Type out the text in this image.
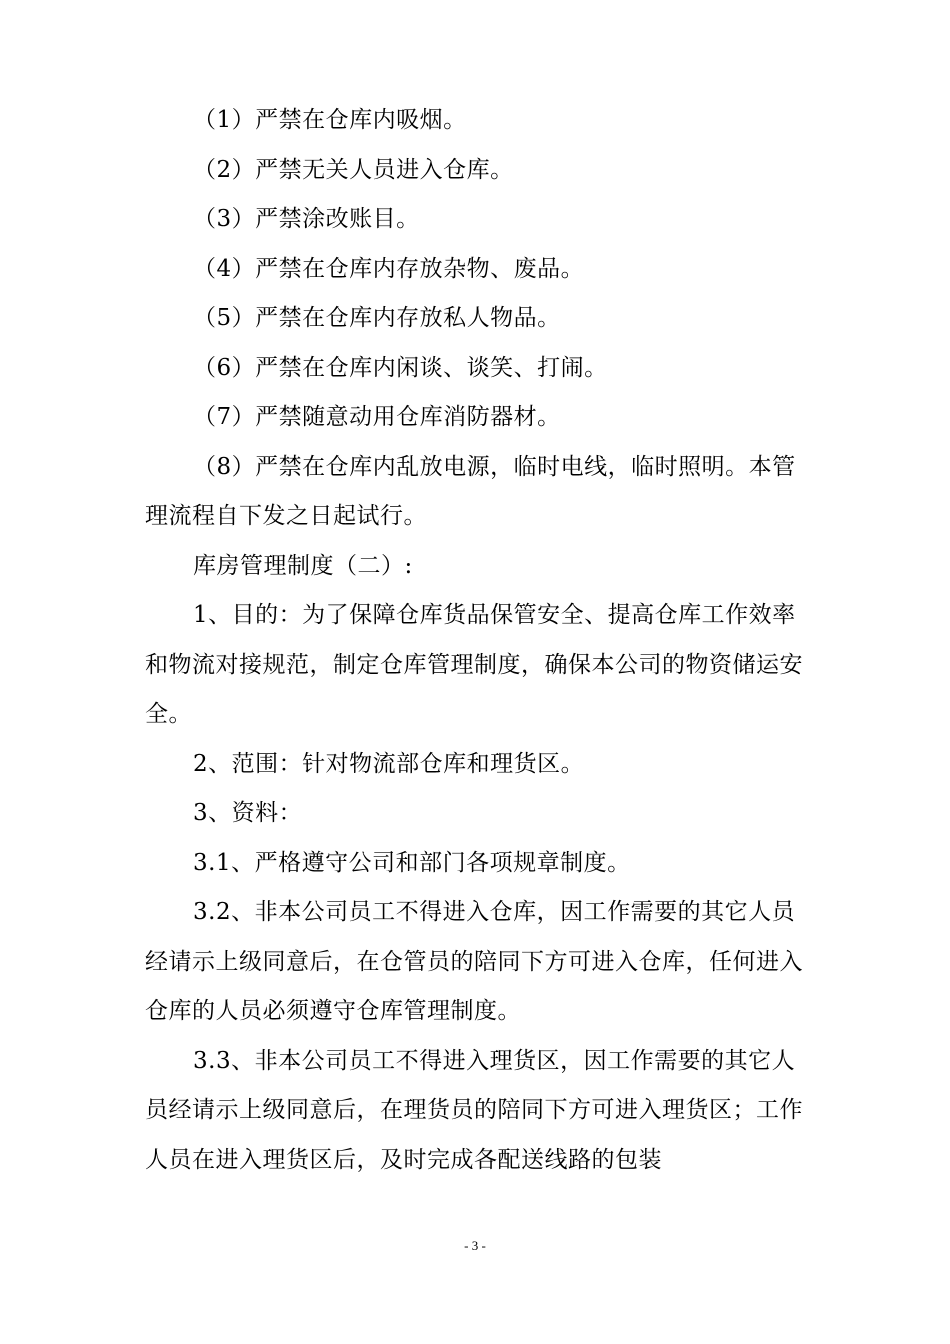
（1）严禁在仓库内吸烟。

（2）严禁无关人员进入仓库。

（3）严禁涂改账目。

（4）严禁在仓库内存放杂物、废品。

（5）严禁在仓库内存放私人物品。

（6）严禁在仓库内闲谈、谈笑、打闹。

（7）严禁随意动用仓库消防器材。

（8）严禁在仓库内乱放电源，临时电线，临时照明。本管理流程自下发之日起试行。

库房管理制度（二）:

1、目的：为了保障仓库货品保管安全、提高仓库工作效率和物流对接规范，制定仓库管理制度，确保本公司的物资储运安全。

2、范围：针对物流部仓库和理货区。

3、资料：

3.1、严格遵守公司和部门各项规章制度。

3.2、非本公司员工不得进入仓库，因工作需要的其它人员经请示上级同意后，在仓管员的陪同下方可进入仓库，任何进入仓库的人员必须遵守仓库管理制度。

3.3、非本公司员工不得进入理货区，因工作需要的其它人员经请示上级同意后，在理货员的陪同下方可进入理货区；工作人员在进入理货区后，及时完成各配送线路的包装

- 3 -
